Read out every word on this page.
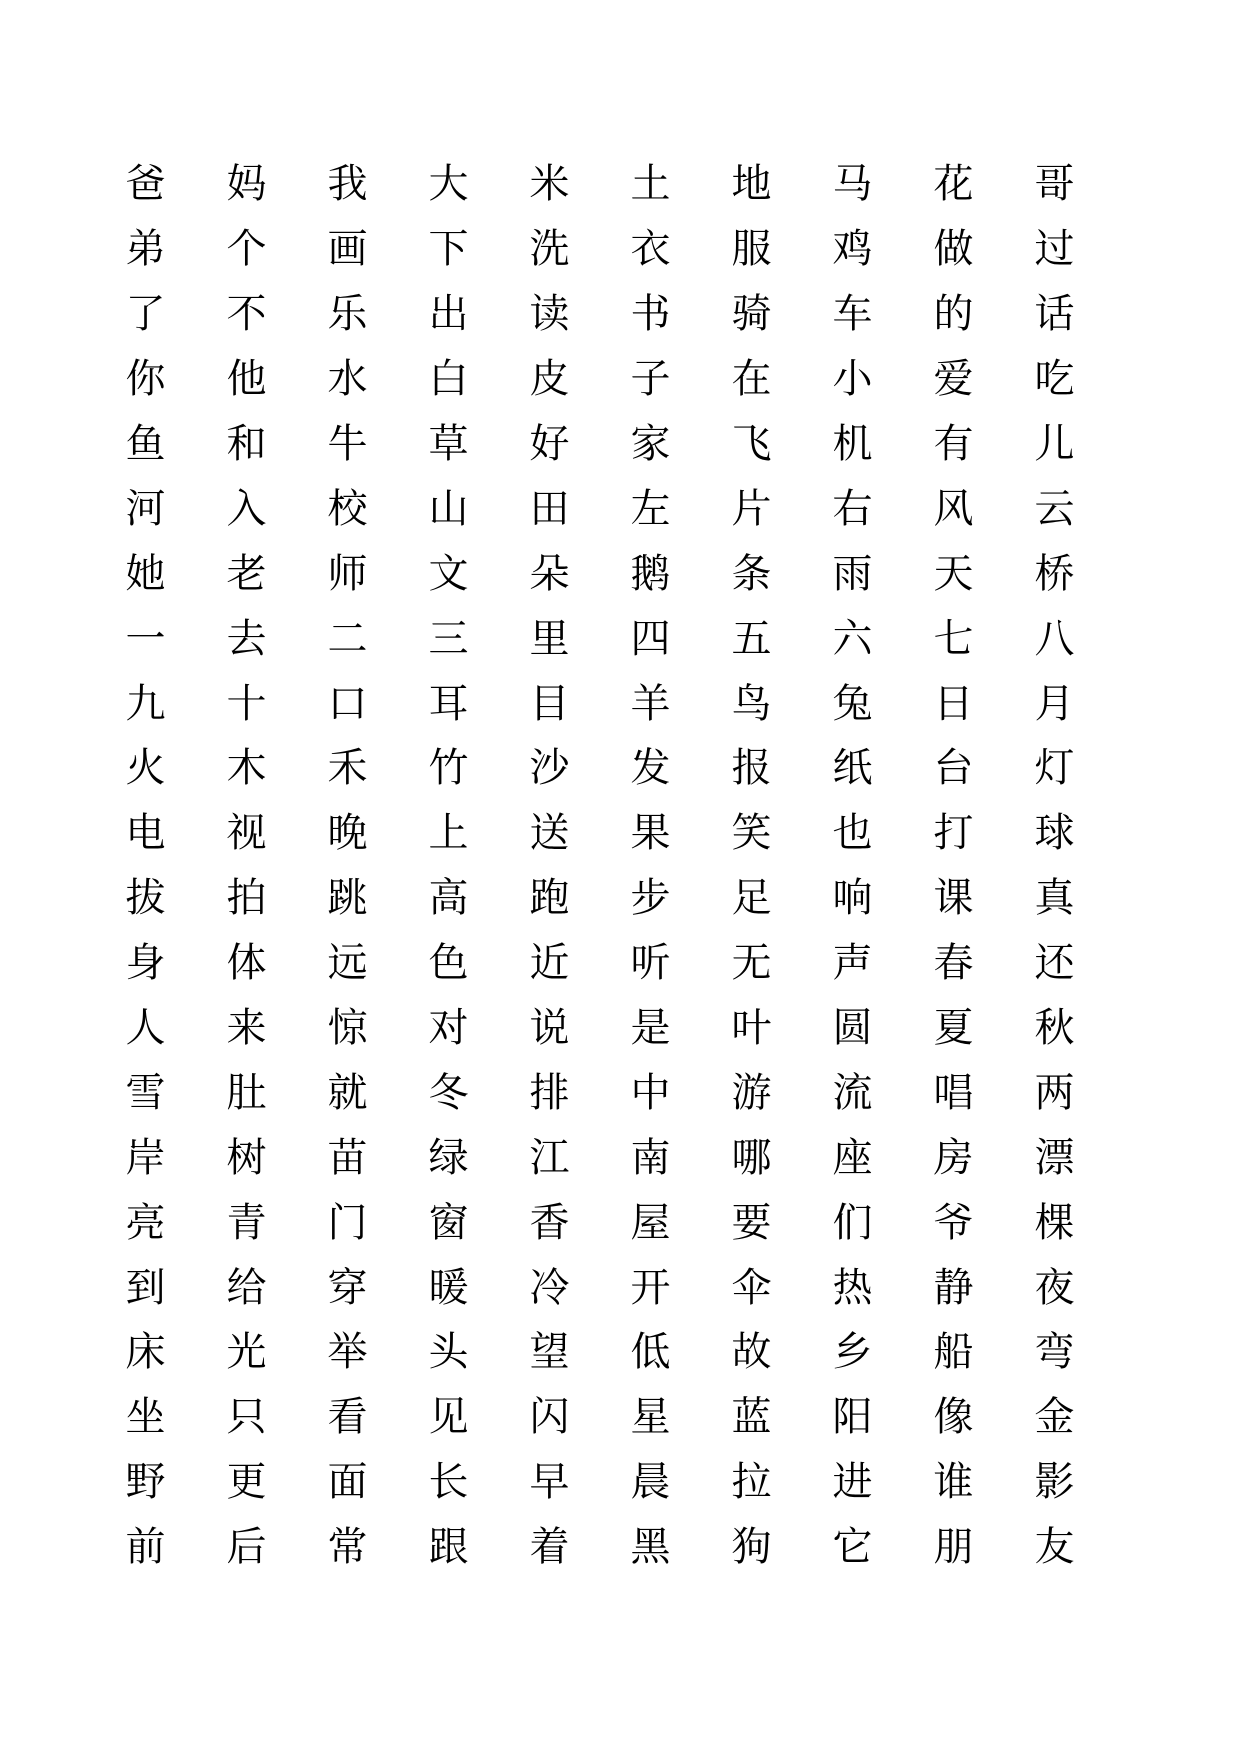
爸	妈	我	大	米	土	地	马	花	哥
弟	个	画	下	洗	衣	服	鸡	做	过
了	不	乐	出	读	书	骑	车	的	话
你	他	水	白	皮	子	在	小	爱	吃
鱼	和	牛	草	好	家	飞	机	有	儿
河	入	校	山	田	左	片	右	风	云
她	老	师	文	朵	鹅	条	雨	天	桥
一	去	二	三	里	四	五	六	七	八
九	十	口	耳	目	羊	鸟	兔	日	月
火	木	禾	竹	沙	发	报	纸	台	灯
电	视	晚	上	送	果	笑	也	打	球
拔	拍	跳	高	跑	步	足	响	课	真
身	体	远	色	近	听	无	声	春	还
人	来	惊	对	说	是	叶	圆	夏	秋
雪	肚	就	冬	排	中	游	流	唱	两
岸	树	苗	绿	江	南	哪	座	房	漂
亮	青	门	窗	香	屋	要	们	爷	棵
到	给	穿	暖	冷	开	伞	热	静	夜
床	光	举	头	望	低	故	乡	船	弯
坐	只	看	见	闪	星	蓝	阳	像	金
野	更	面	长	早	晨	拉	进	谁	影
前	后	常	跟	着	黑	狗	它	朋	友
